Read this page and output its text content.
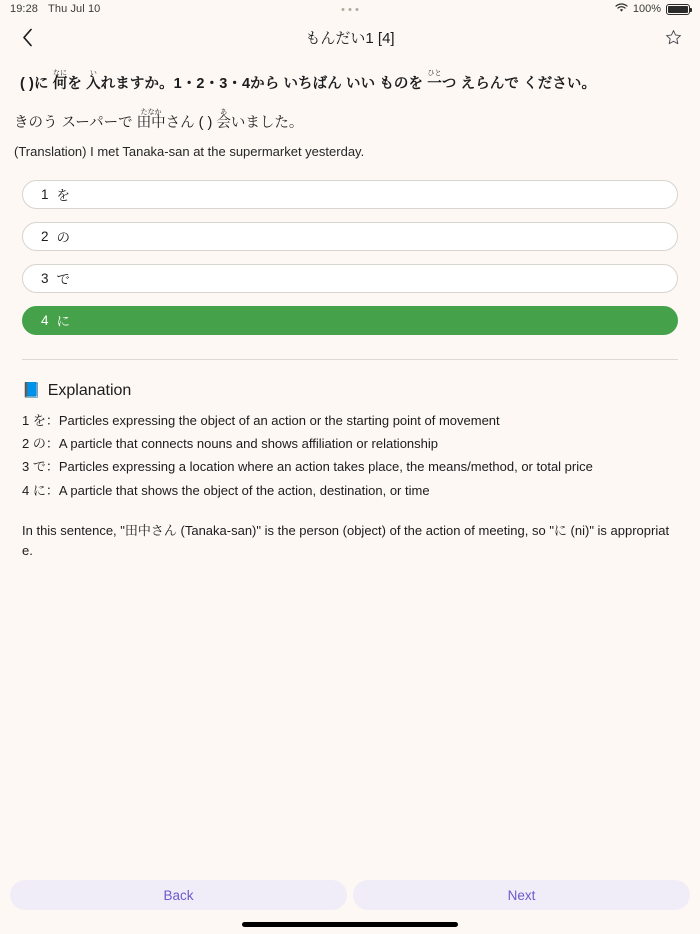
19:28 Thu Jul 10	100%
もんだい1 [4]
( )に 何なにを 入いれますか。1・2・3・4から いちばん いい ものを 一ひとつ えらんで ください。
きのう スーパーで 田中たなかさん ( ) 会あいました。
(Translation) I met Tanaka-san at the supermarket yesterday.
1 を
2 の
3 で
4 に
📘 Explanation
1 を：Particles expressing the object of an action or the starting point of movement
2 の：A particle that connects nouns and shows affiliation or relationship
3 で：Particles expressing a location where an action takes place, the means/method, or total price
4 に：A particle that shows the object of the action, destination, or time
In this sentence, "田中さん (Tanaka-san)" is the person (object) of the action of meeting, so "に (ni)" is appropriate.
Back	Next
